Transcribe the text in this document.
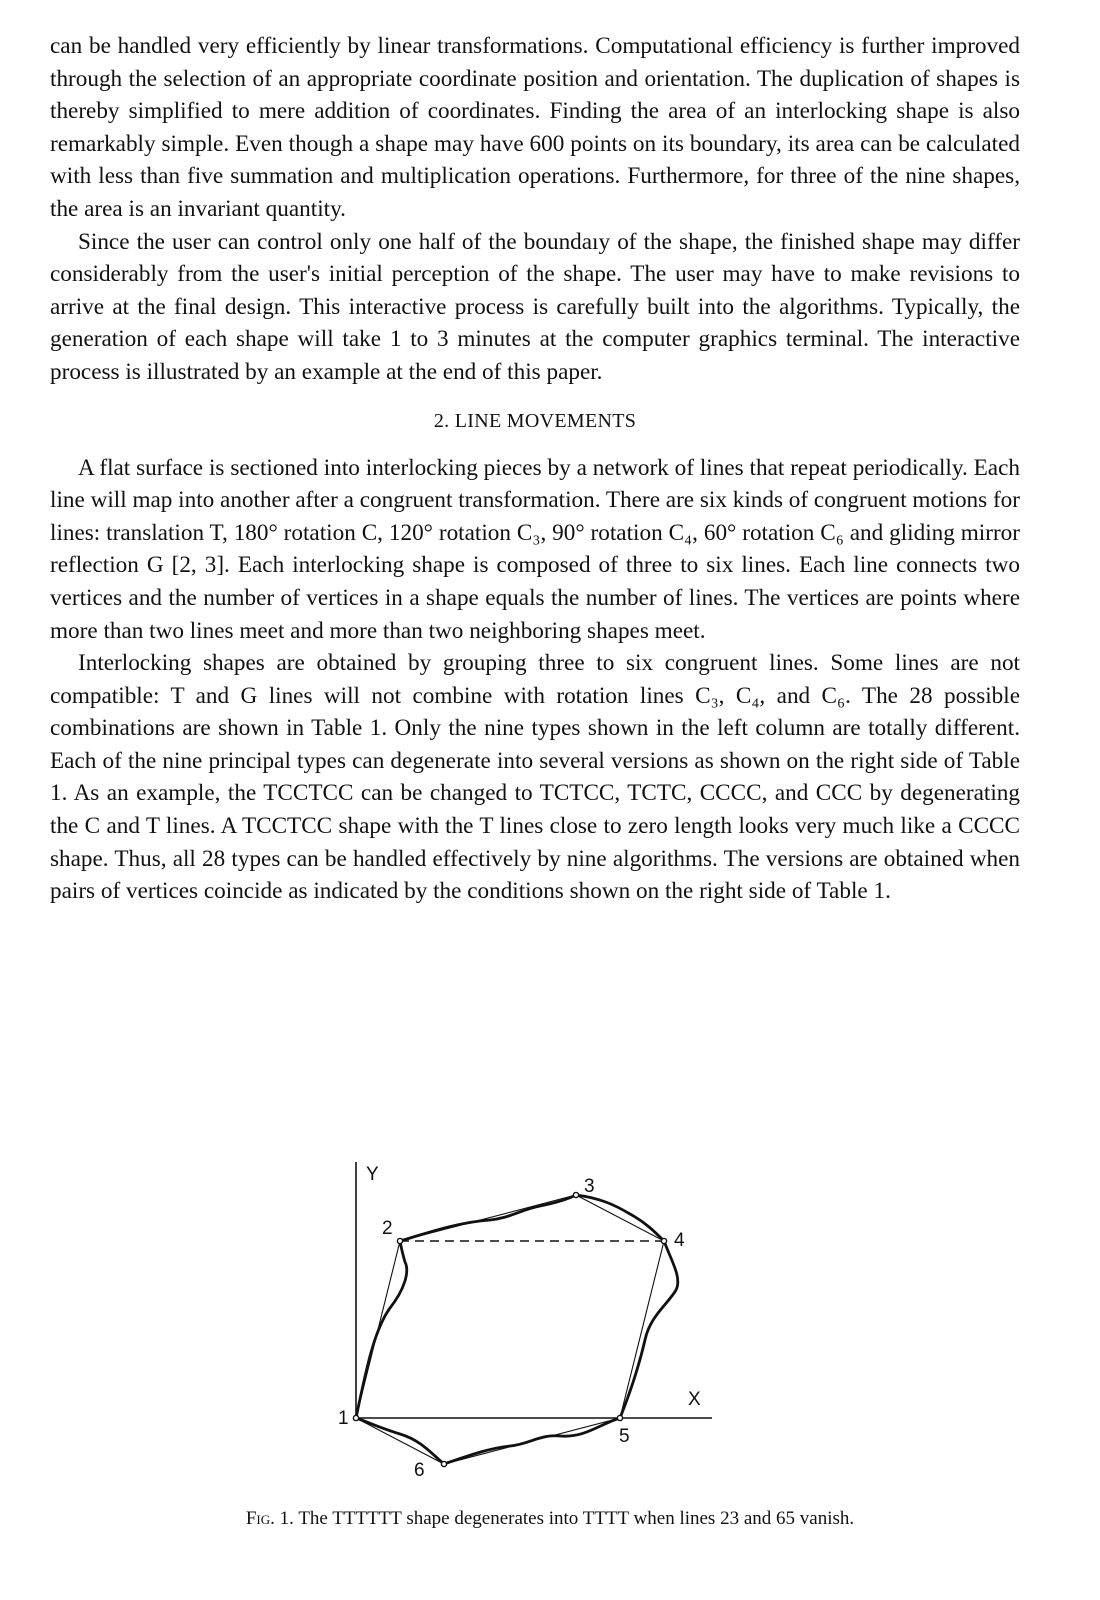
can be handled very efficiently by linear transformations. Computational efficiency is further improved through the selection of an appropriate coordinate position and orientation. The duplication of shapes is thereby simplified to mere addition of coordinates. Finding the area of an interlocking shape is also remarkably simple. Even though a shape may have 600 points on its boundary, its area can be calculated with less than five summation and multiplication operations. Furthermore, for three of the nine shapes, the area is an invariant quantity.

Since the user can control only one half of the boundaıy of the shape, the finished shape may differ considerably from the user's initial perception of the shape. The user may have to make revisions to arrive at the final design. This interactive process is carefully built into the algorithms. Typically, the generation of each shape will take 1 to 3 minutes at the computer graphics terminal. The interactive process is illustrated by an example at the end of this paper.

2. LINE MOVEMENTS

A flat surface is sectioned into interlocking pieces by a network of lines that repeat periodically. Each line will map into another after a congruent transformation. There are six kinds of congruent motions for lines: translation T, 180° rotation C, 120° rotation C₃, 90° rotation C₄, 60° rotation C₆ and gliding mirror reflection G [2, 3]. Each interlocking shape is composed of three to six lines. Each line connects two vertices and the number of vertices in a shape equals the number of lines. The vertices are points where more than two lines meet and more than two neighboring shapes meet.

Interlocking shapes are obtained by grouping three to six congruent lines. Some lines are not compatible: T and G lines will not combine with rotation lines C₃, C₄, and C₆. The 28 possible combinations are shown in Table 1. Only the nine types shown in the left column are totally different. Each of the nine principal types can degenerate into several versions as shown on the right side of Table 1. As an example, the TCCTCC can be changed to TCTCC, TCTC, CCCC, and CCC by degenerating the C and T lines. A TCCTCC shape with the T lines close to zero length looks very much like a CCCC shape. Thus, all 28 types can be handled effectively by nine algorithms. The versions are obtained when pairs of vertices coincide as indicated by the conditions shown on the right side of Table 1.

Y
X
1
2
3
4
5
6
Fig. 1. The TTTTTT shape degenerates into TTTT when lines 23 and 65 vanish.
